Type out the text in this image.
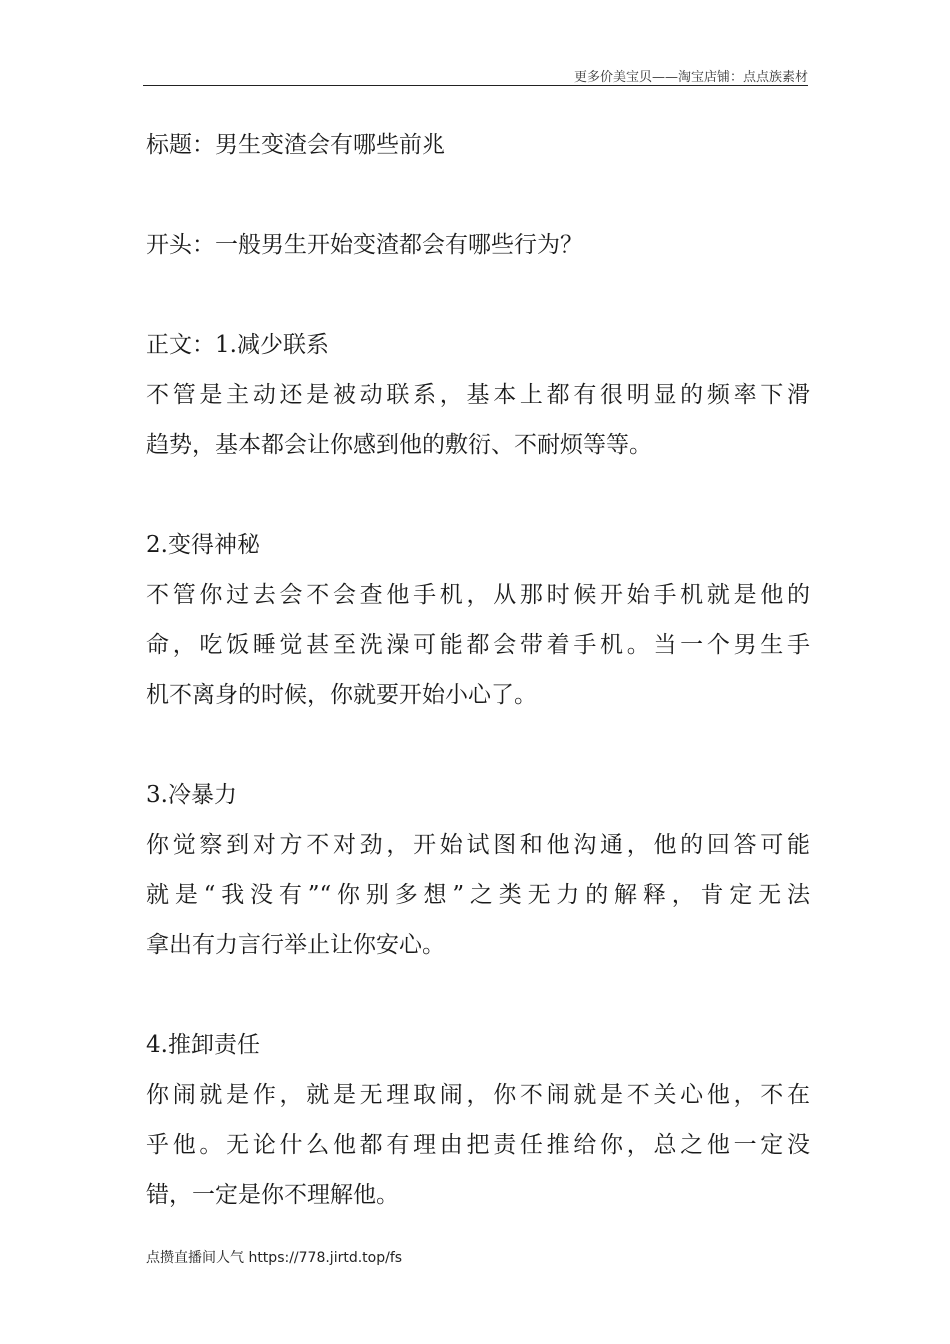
更多价美宝贝——淘宝店铺：点点族素材
标题：男生变渣会有哪些前兆
开头：一般男生开始变渣都会有哪些行为？
正文：1.减少联系
不管是主动还是被动联系，基本上都有很明显的频率下滑
趋势，基本都会让你感到他的敷衍、不耐烦等等。
2.变得神秘
不管你过去会不会查他手机，从那时候开始手机就是他的
命，吃饭睡觉甚至洗澡可能都会带着手机。当一个男生手
机不离身的时候，你就要开始小心了。
3.冷暴力
你觉察到对方不对劲，开始试图和他沟通，他的回答可能
就是“我没有”“你别多想”之类无力的解释，肯定无法
拿出有力言行举止让你安心。
4.推卸责任
你闹就是作，就是无理取闹，你不闹就是不关心他，不在
乎他。无论什么他都有理由把责任推给你，总之他一定没
错，一定是你不理解他。
点攒直播间人气 https://778.jirtd.top/fs
